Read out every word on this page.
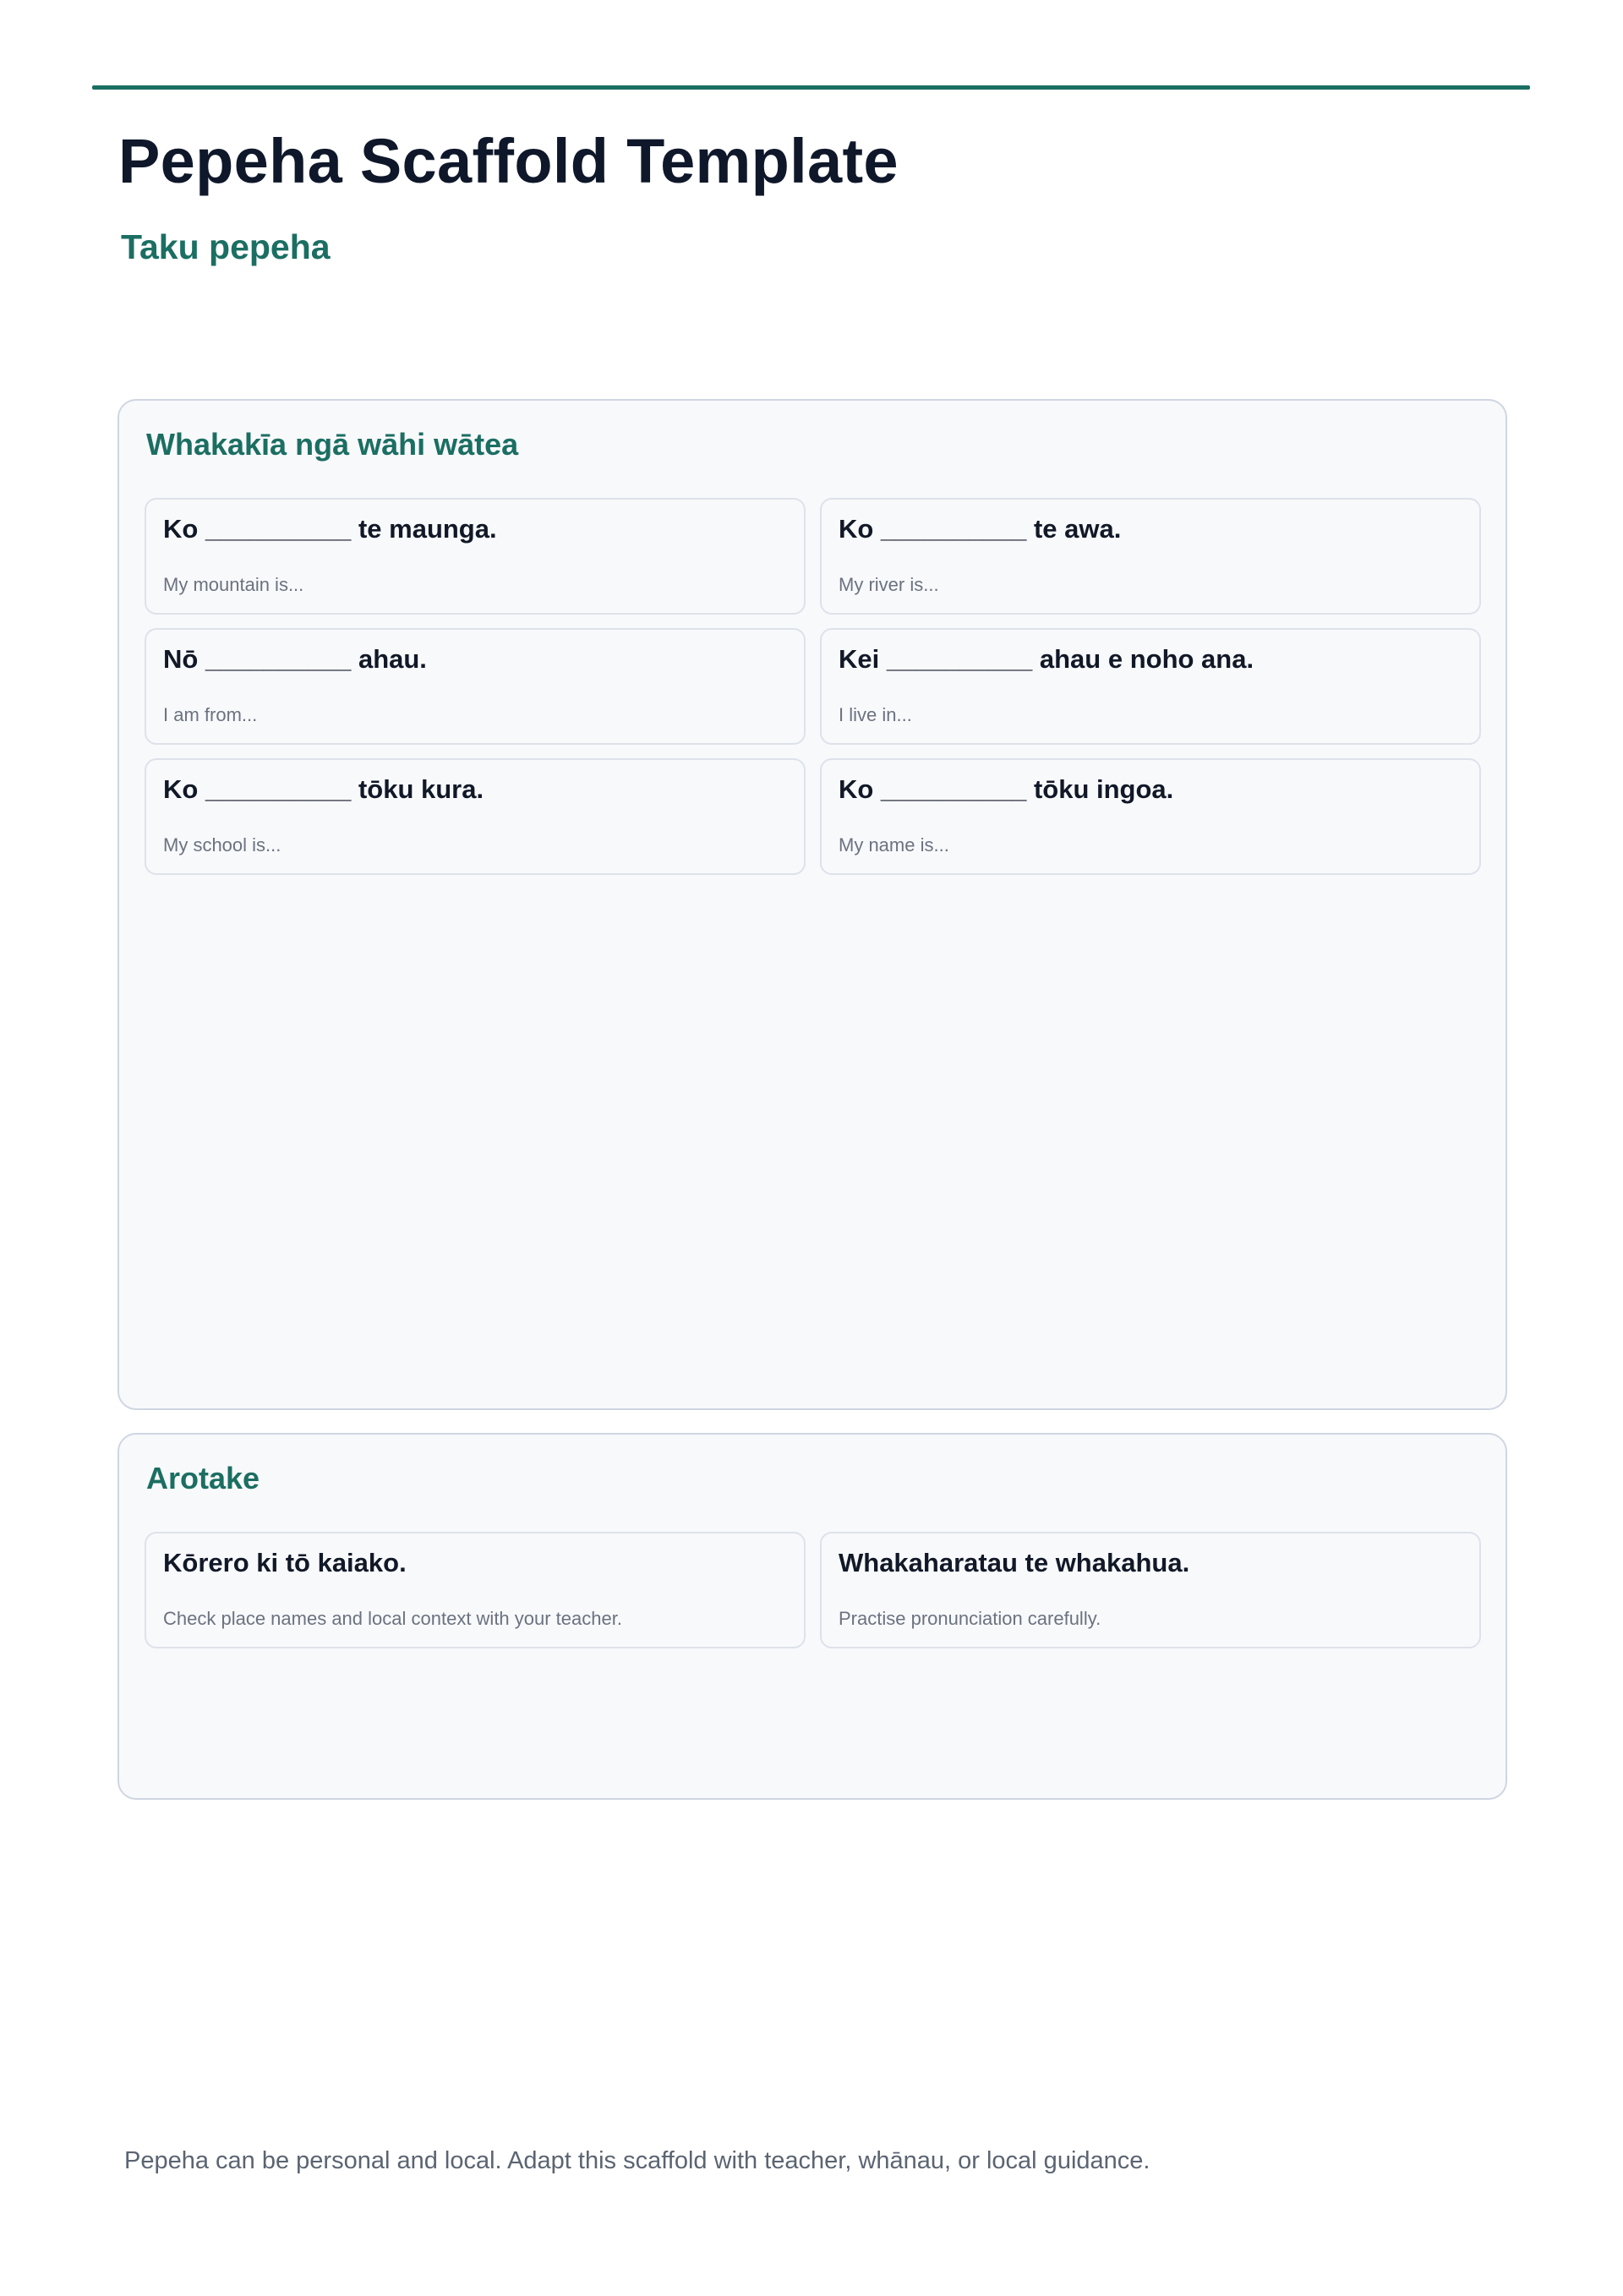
Pepeha Scaffold Template
Taku pepeha
Whakakīa ngā wāhi wātea
Ko __________ te maunga.
My mountain is...
Ko __________ te awa.
My river is...
Nō __________ ahau.
I am from...
Kei __________ ahau e noho ana.
I live in...
Ko __________ tōku kura.
My school is...
Ko __________ tōku ingoa.
My name is...
Arotake
Kōrero ki tō kaiako.
Check place names and local context with your teacher.
Whakaharatau te whakahua.
Practise pronunciation carefully.

Pepeha can be personal and local. Adapt this scaffold with teacher, whānau, or local guidance.
